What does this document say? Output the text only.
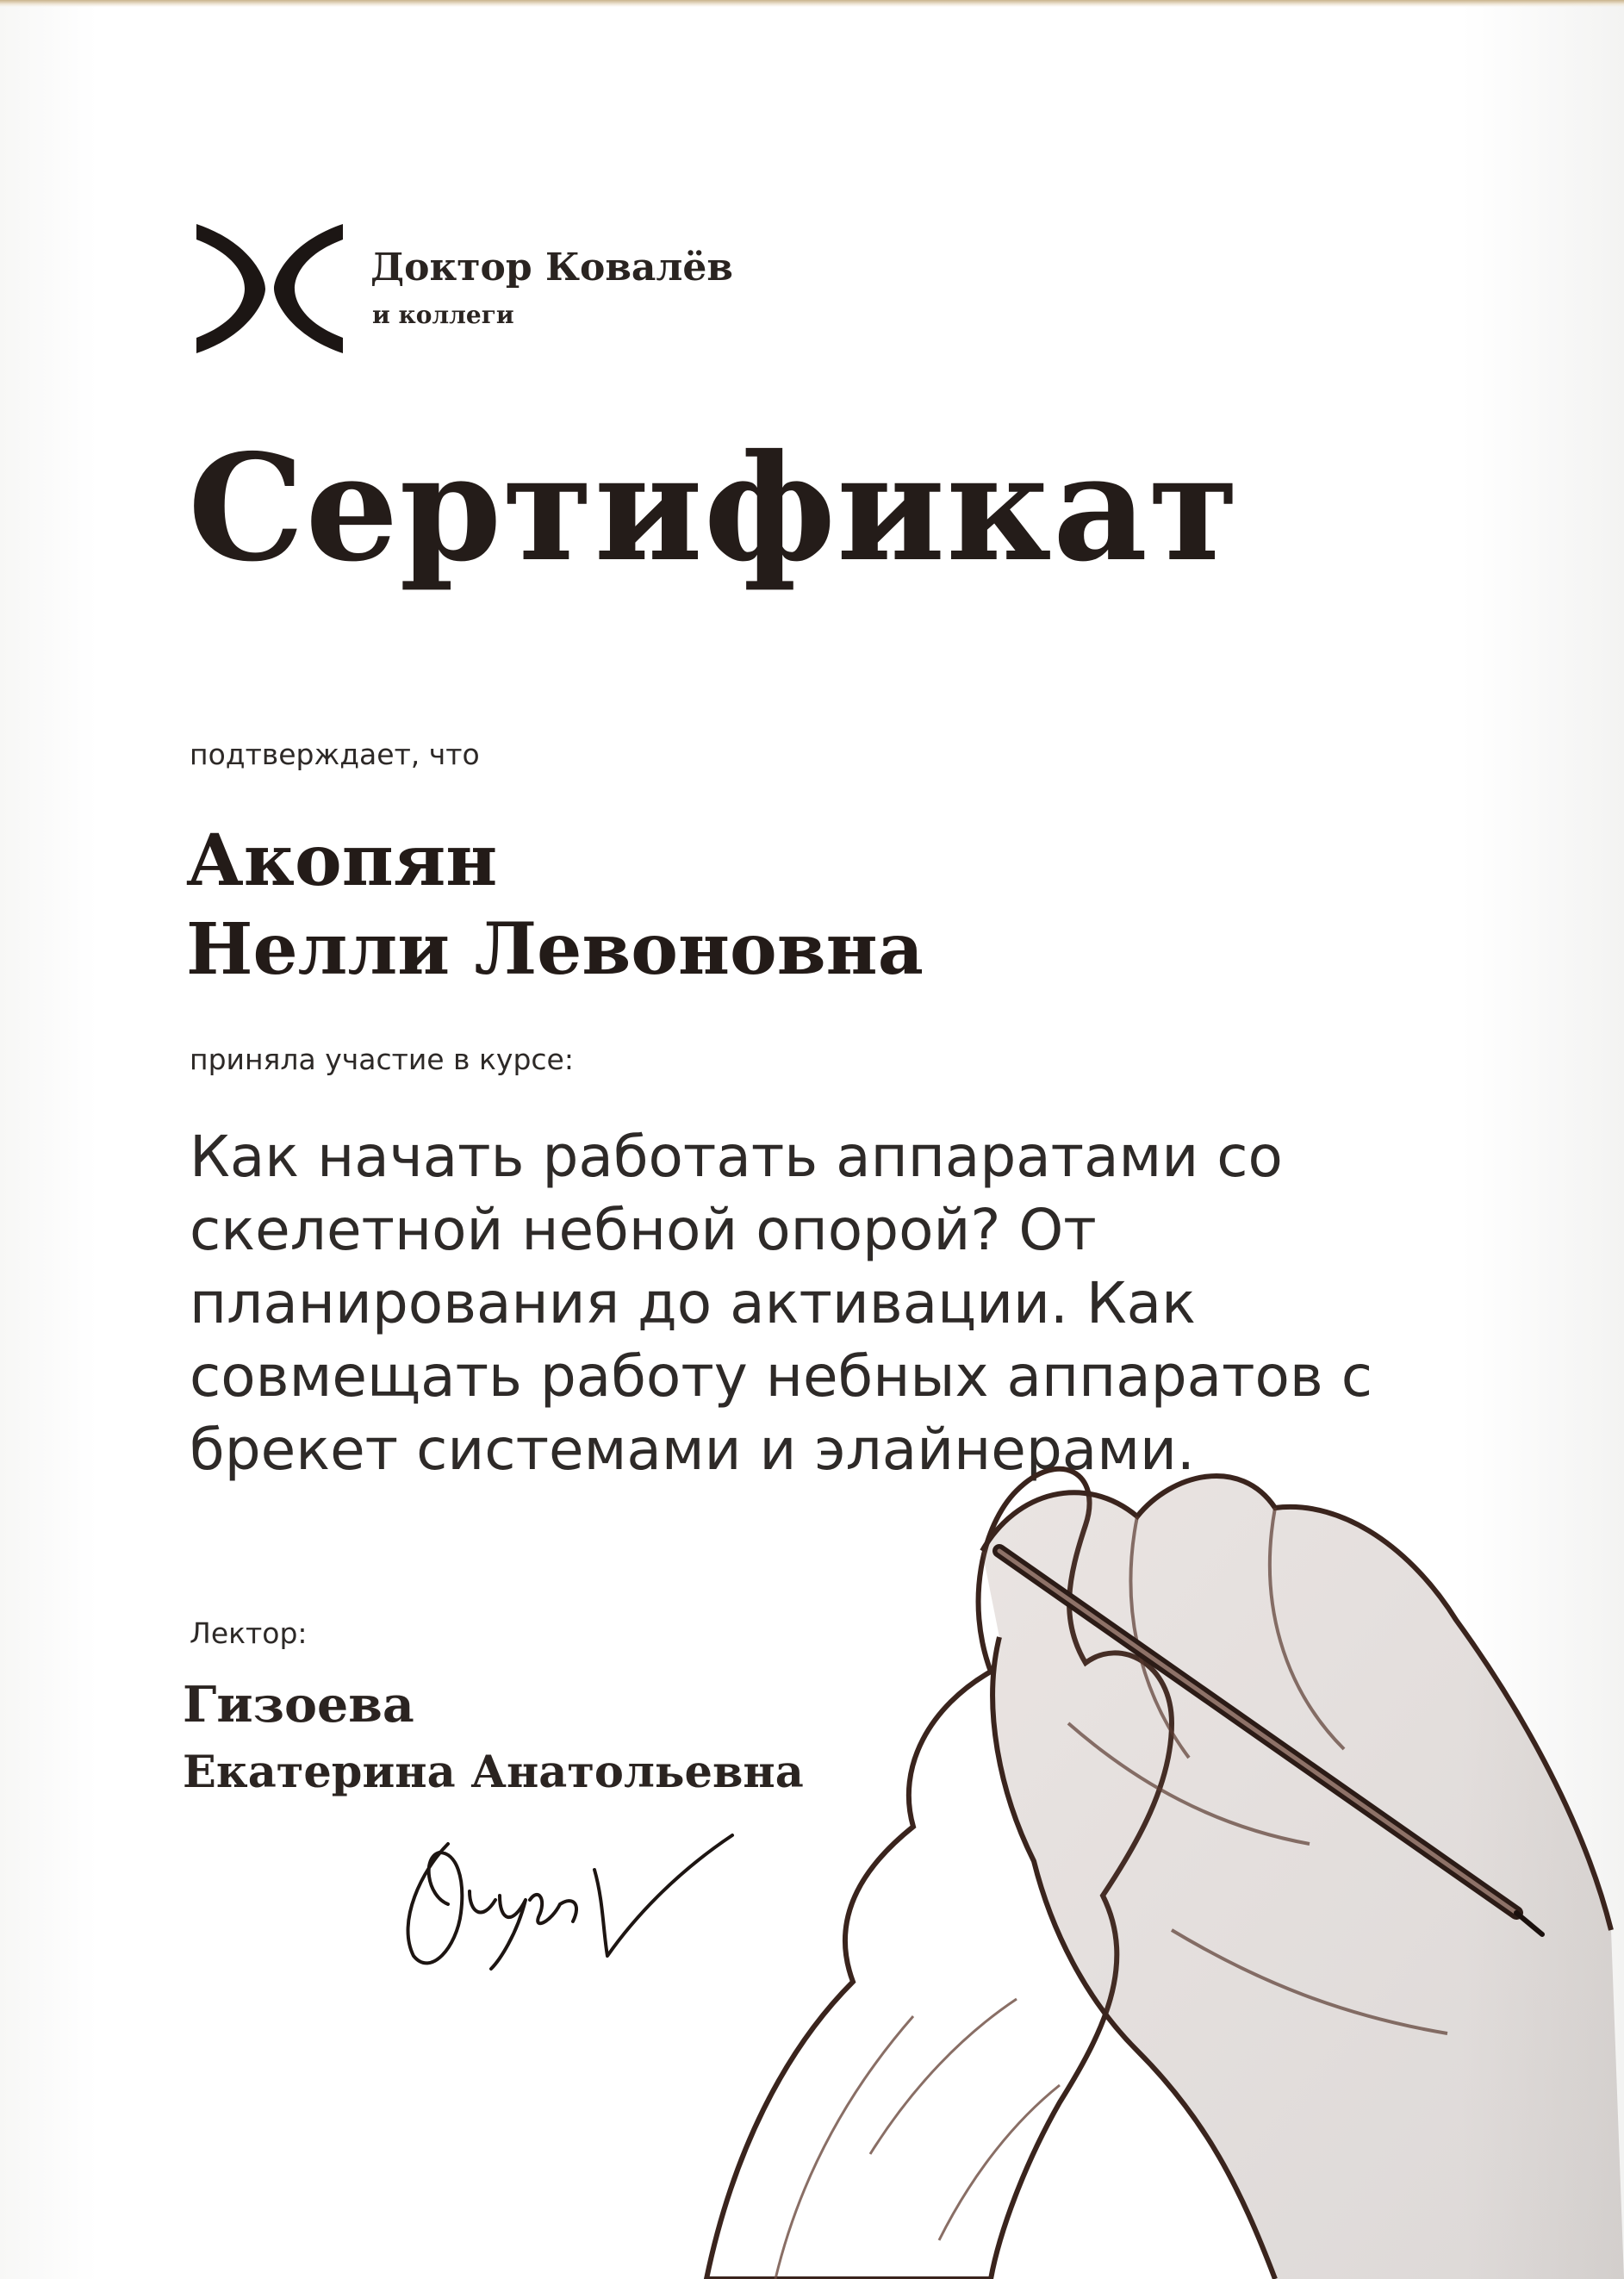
Доктор Ковалёв
и коллеги
Сертификат
подтверждает, что
Акопян
Нелли Левоновна
приняла участие в курсе:
Как начать работать аппаратами со скелетной небной опорой? От планирования до активации. Как совмещать работу небных аппаратов с брекет системами и элайнерами.
Лектор:
Гизоева
Екатерина Анатольевна
